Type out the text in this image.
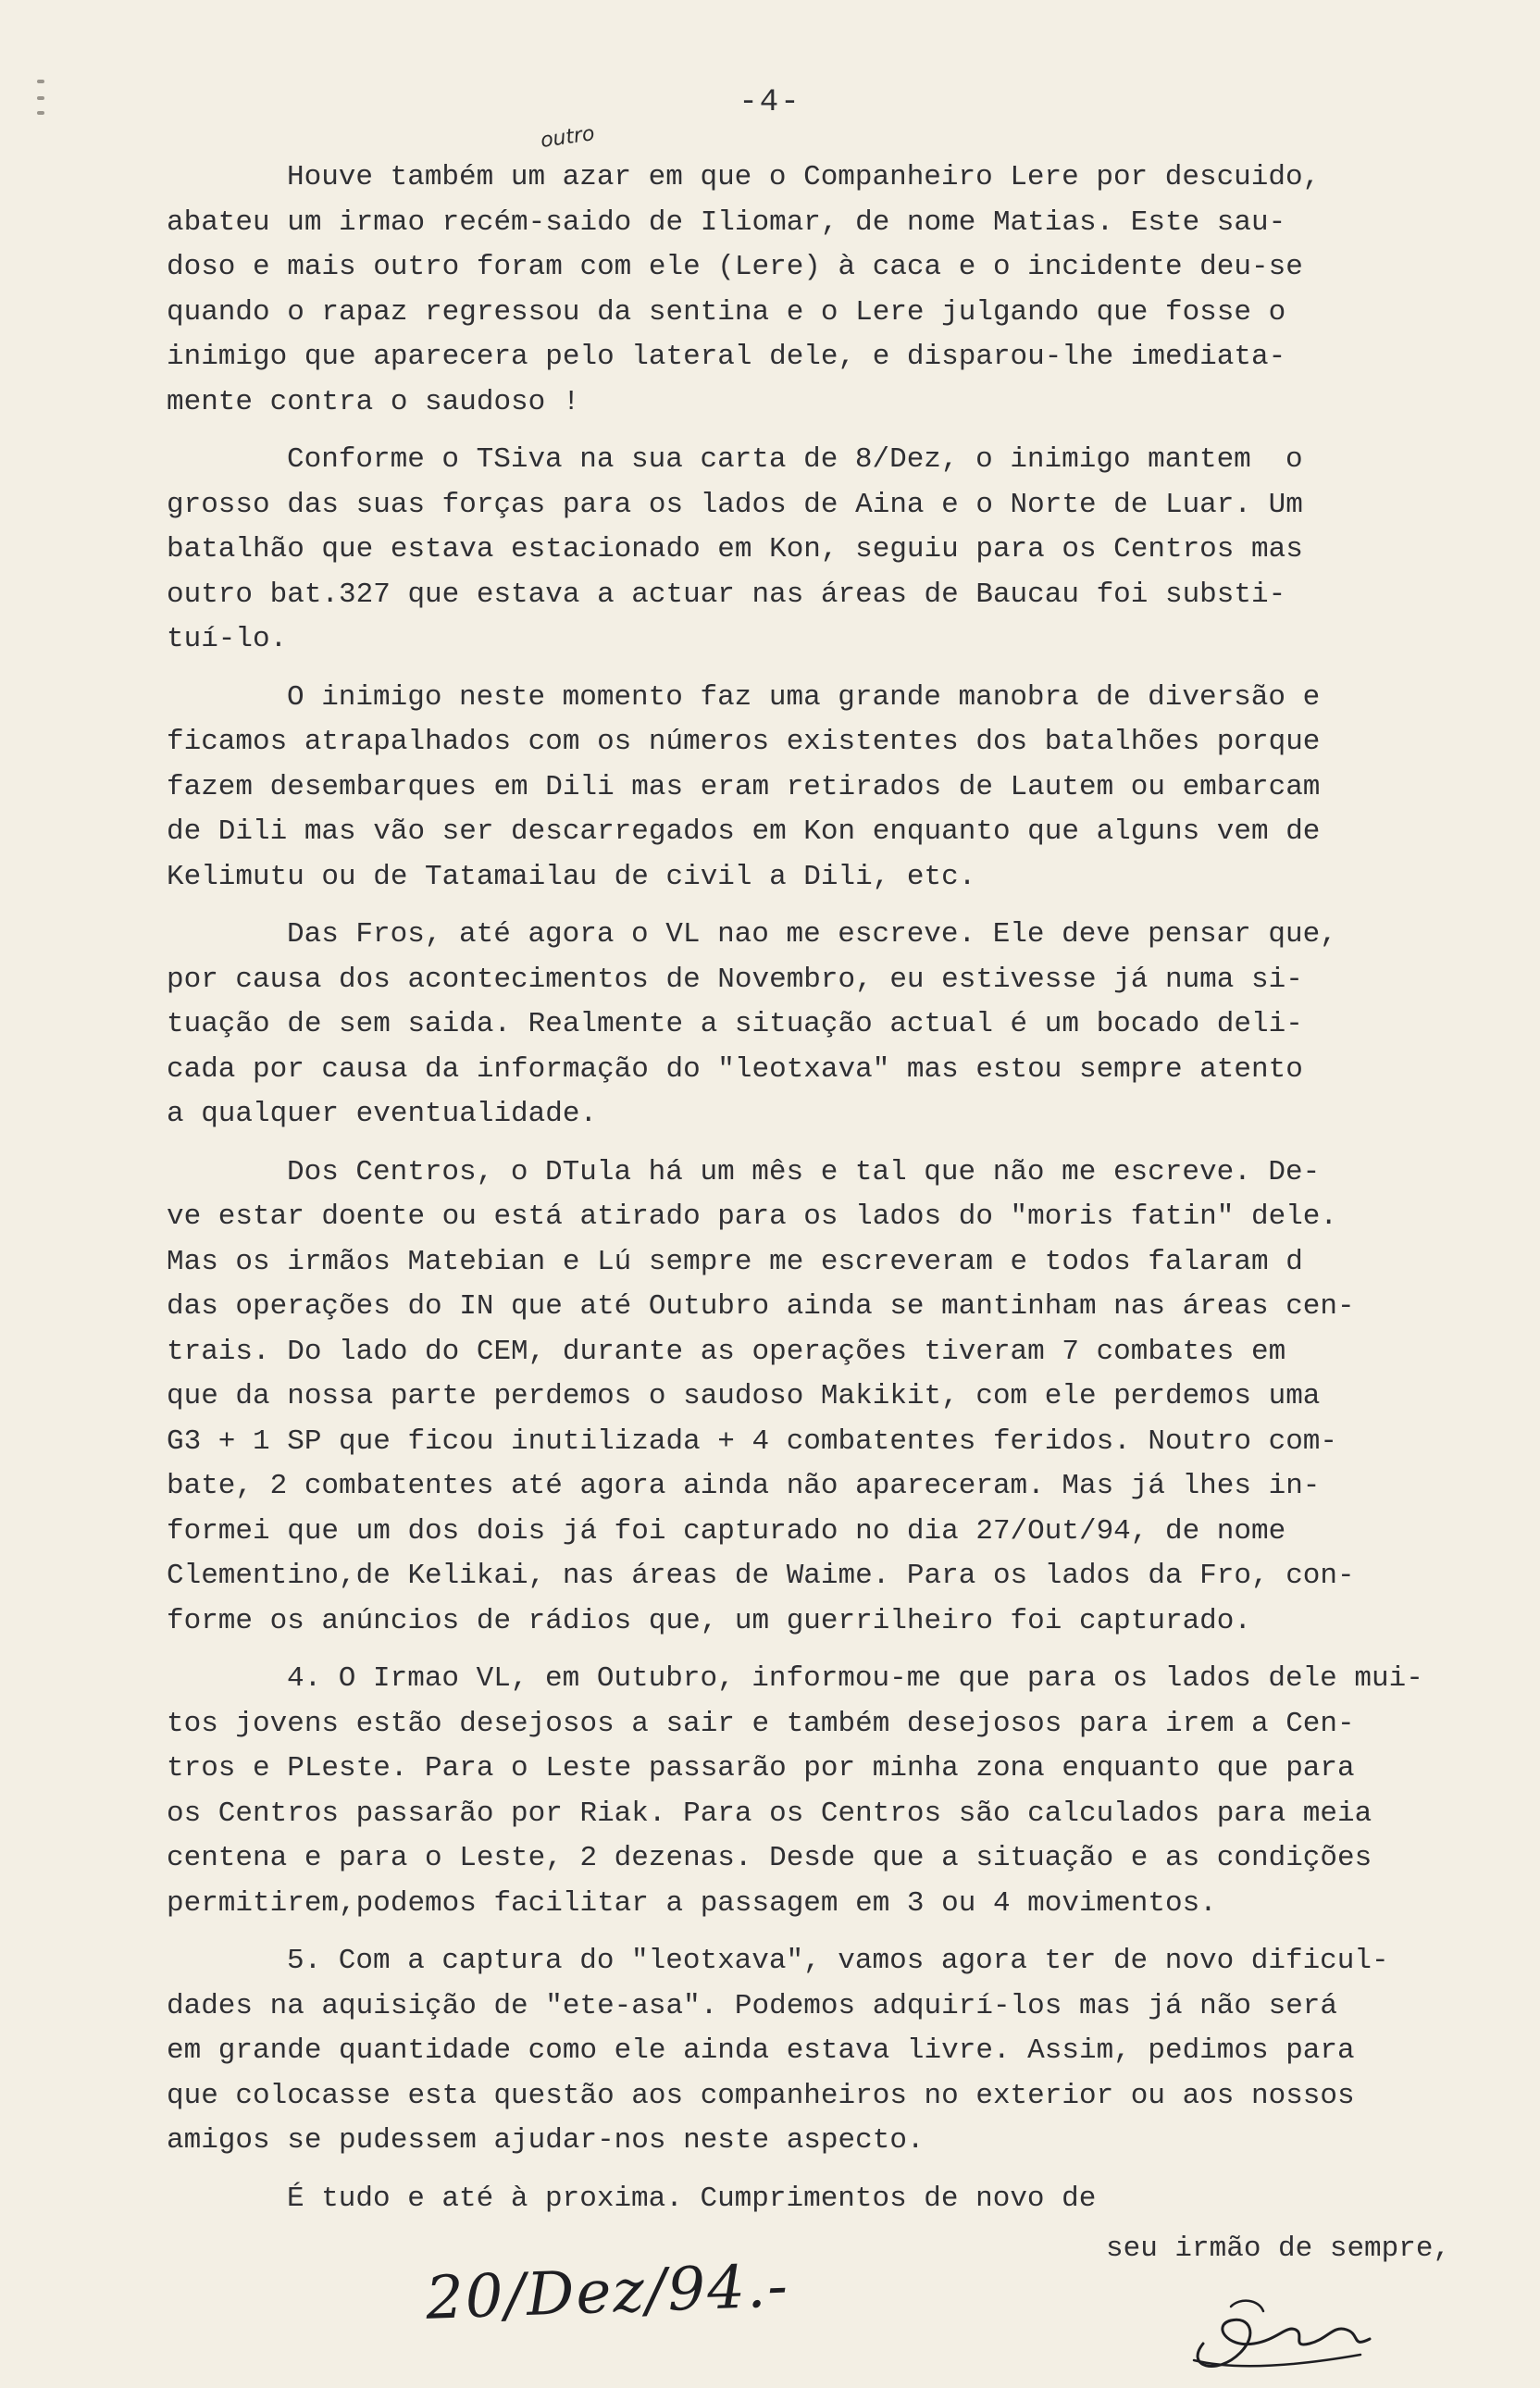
-4-
outro

Houve também um azar em que o Companheiro Lere por descuido,

abateu um irmao recém-saido de Iliomar, de nome Matias. Este sau-

doso e mais outro foram com ele (Lere) à caca e o incidente deu-se

quando o rapaz regressou da sentina e o Lere julgando que fosse o

inimigo que aparecera pelo lateral dele, e disparou-lhe imediata-

mente contra o saudoso !

Conforme o TSiva na sua carta de 8/Dez, o inimigo mantem  o

grosso das suas forças para os lados de Aina e o Norte de Luar. Um

batalhão que estava estacionado em Kon, seguiu para os Centros mas

outro bat.327 que estava a actuar nas áreas de Baucau foi substi-

tuí-lo.

O inimigo neste momento faz uma grande manobra de diversão e

ficamos atrapalhados com os números existentes dos batalhões porque

fazem desembarques em Dili mas eram retirados de Lautem ou embarcam

de Dili mas vão ser descarregados em Kon enquanto que alguns vem de

Kelimutu ou de Tatamailau de civil a Dili, etc.

Das Fros, até agora o VL nao me escreve. Ele deve pensar que,

por causa dos acontecimentos de Novembro, eu estivesse já numa si-

tuação de sem saida. Realmente a situação actual é um bocado deli-

cada por causa da informação do "leotxava" mas estou sempre atento

a qualquer eventualidade.

Dos Centros, o DTula há um mês e tal que não me escreve. De-

ve estar doente ou está atirado para os lados do "moris fatin" dele.

Mas os irmãos Matebian e Lú sempre me escreveram e todos falaram d

das operações do IN que até Outubro ainda se mantinham nas áreas cen-

trais. Do lado do CEM, durante as operações tiveram 7 combates em

que da nossa parte perdemos o saudoso Makikit, com ele perdemos uma

G3 + 1 SP que ficou inutilizada + 4 combatentes feridos. Noutro com-

bate, 2 combatentes até agora ainda não apareceram. Mas já lhes in-

formei que um dos dois já foi capturado no dia 27/Out/94, de nome

Clementino,de Kelikai, nas áreas de Waime. Para os lados da Fro, con-

forme os anúncios de rádios que, um guerrilheiro foi capturado.

4. O Irmao VL, em Outubro, informou-me que para os lados dele mui-

tos jovens estão desejosos a sair e também desejosos para irem a Cen-

tros e PLeste. Para o Leste passarão por minha zona enquanto que para

os Centros passarão por Riak. Para os Centros são calculados para meia

centena e para o Leste, 2 dezenas. Desde que a situação e as condições

permitirem,podemos facilitar a passagem em 3 ou 4 movimentos.

5. Com a captura do "leotxava", vamos agora ter de novo dificul-

dades na aquisição de "ete-asa". Podemos adquirí-los mas já não será

em grande quantidade como ele ainda estava livre. Assim, pedimos para

que colocasse esta questão aos companheiros no exterior ou aos nossos

amigos se pudessem ajudar-nos neste aspecto.

É tudo e até à proxima. Cumprimentos de novo de

seu irmão de sempre,
20/Dez/94.-
